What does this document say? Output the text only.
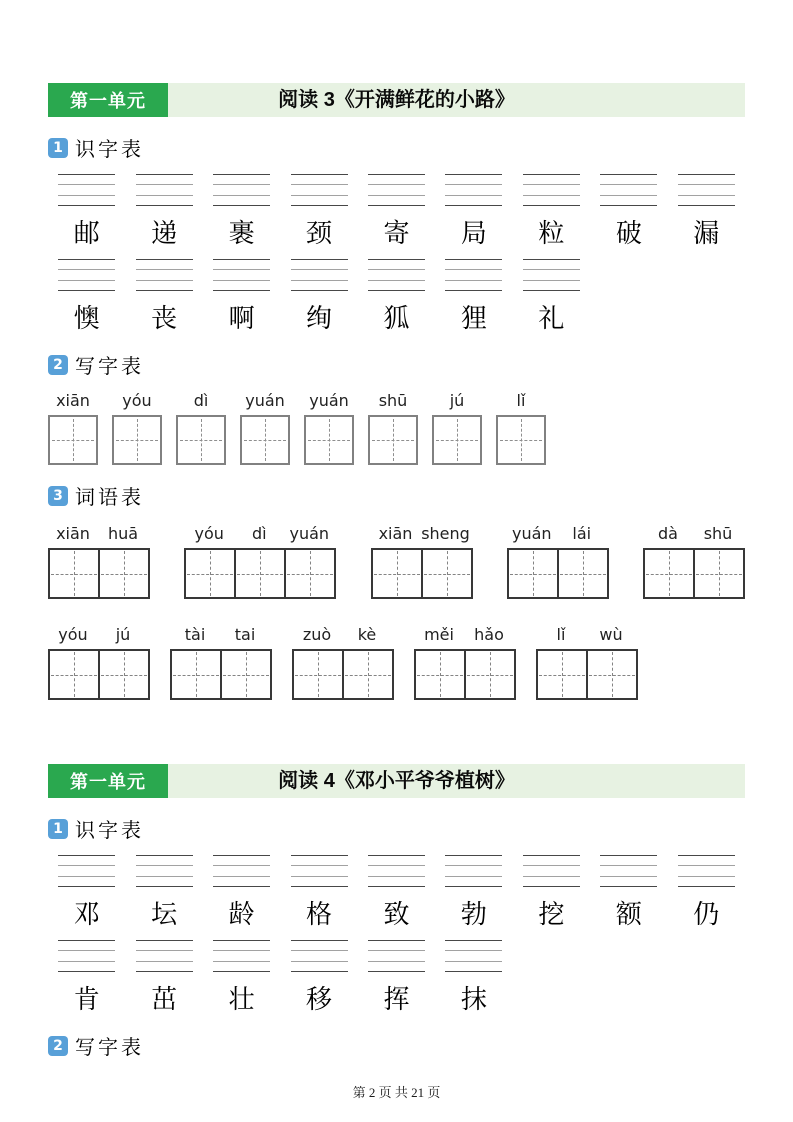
第一单元	阅读 3《开满鲜花的小路》
1 识字表
邮 递 裹 颈 寄 局 粒 破 漏
懊 丧 啊 绚 狐 狸 礼
2 写字表
xiān yóu	dì yuán yuán shū	jú	lǐ
3 词语表
xiān	huā	yóu	dì	yuán	xiān sheng	yuán	lái	dà	shū
yóu	jú	tài	tai	zuò	kè	měi	hǎo	lǐ	wù
第一单元	阅读 4《邓小平爷爷植树》
1 识字表
邓 坛 龄 格 致 勃 挖 额 仍
肯 茁 壮 移 挥 抹
2 写字表
第 2 页 共 21 页
